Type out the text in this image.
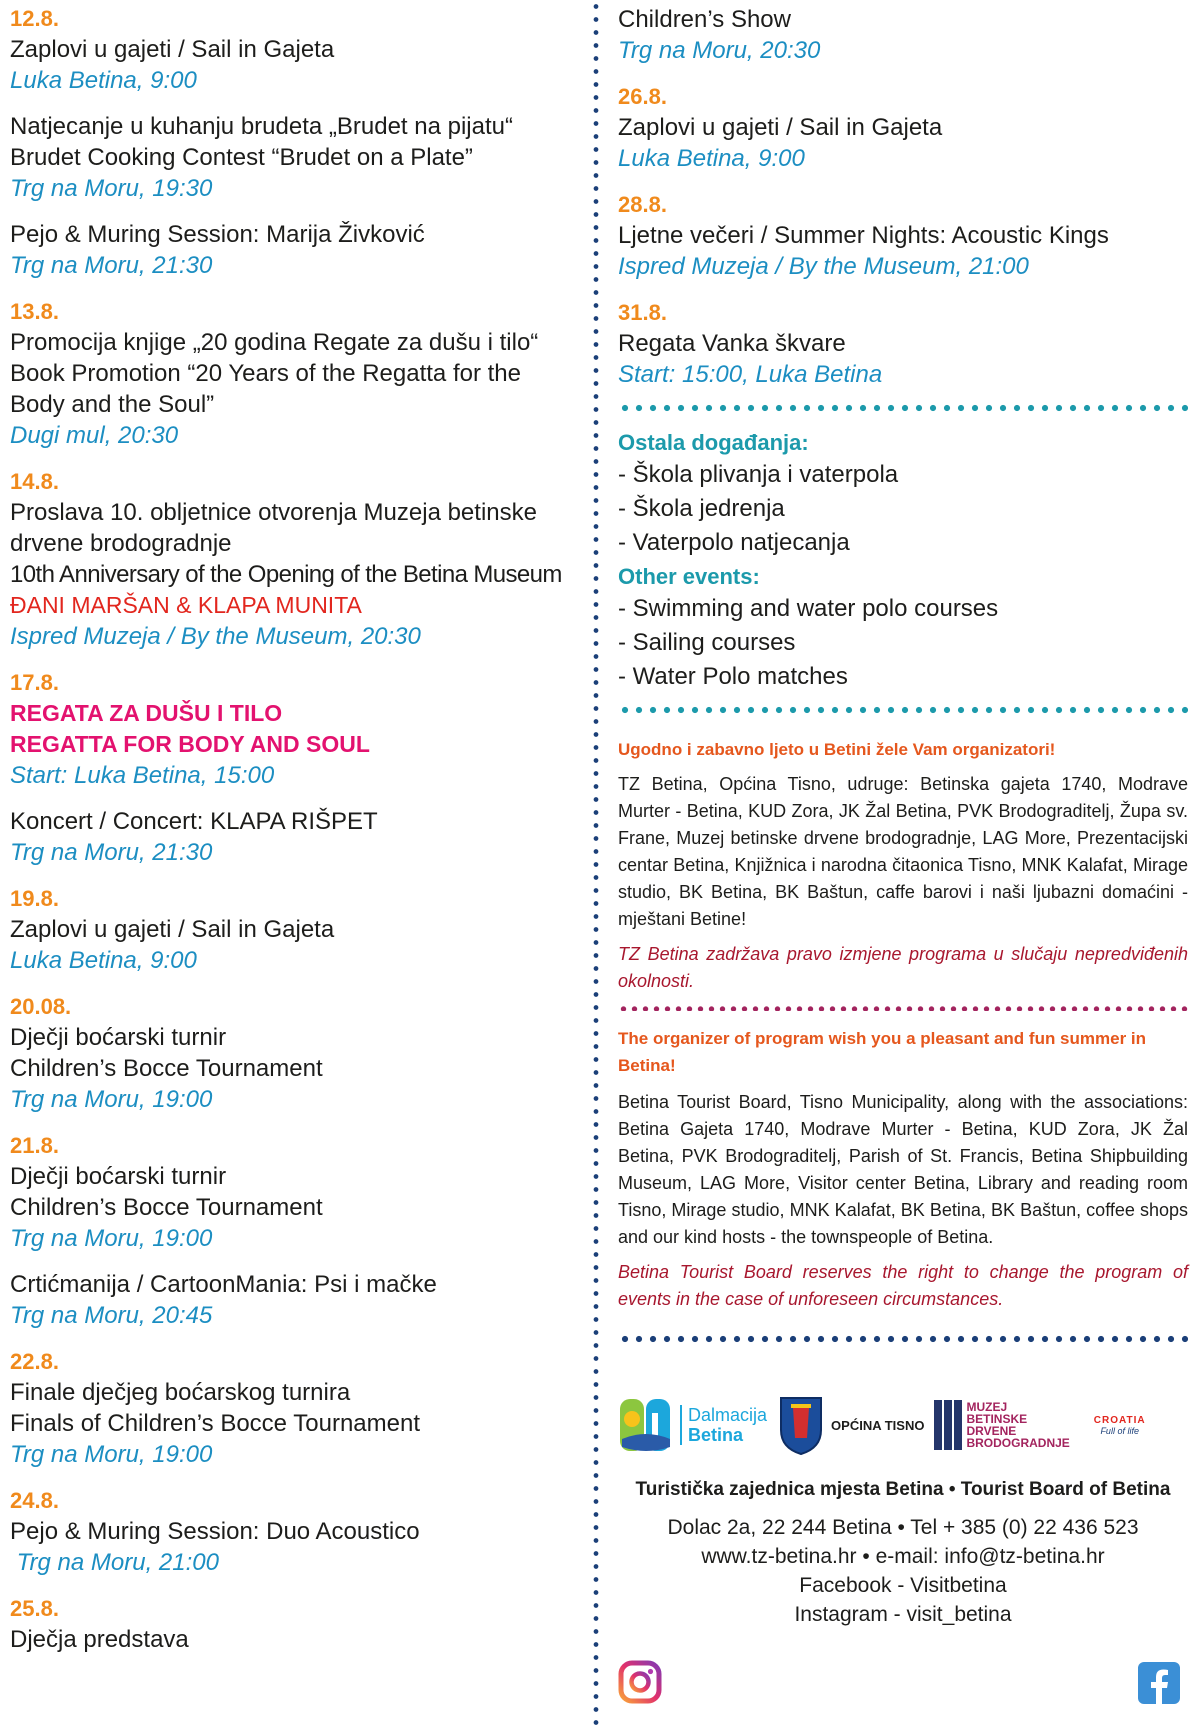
12.8.
Zaplovi u gajeti / Sail in Gajeta
Luka Betina, 9:00
Natjecanje u kuhanju brudeta „Brudet na pijatu“
Brudet Cooking Contest “Brudet on a Plate”
Trg na Moru, 19:30
Pejo & Muring Session: Marija Živković
Trg na Moru, 21:30
13.8.
Promocija knjige „20 godina Regate za dušu i tilo“
Book Promotion “20 Years of the Regatta for the
Body and the Soul”
Dugi mul, 20:30
14.8.
Proslava 10. obljetnice otvorenja Muzeja betinske
drvene brodogradnje
10th Anniversary of the Opening of the Betina Museum
ĐANI MARŠAN & KLAPA MUNITA
Ispred Muzeja / By the Museum, 20:30
17.8.
REGATA ZA DUŠU I TILO
REGATTA FOR BODY AND SOUL
Start: Luka Betina, 15:00
Koncert / Concert: KLAPA RIŠPET
Trg na Moru, 21:30
19.8.
Zaplovi u gajeti / Sail in Gajeta
Luka Betina, 9:00
20.08.
Dječji boćarski turnir
Children’s Bocce Tournament
Trg na Moru, 19:00
21.8.
Dječji boćarski turnir
Children’s Bocce Tournament
Trg na Moru, 19:00
Crtićmanija / CartoonMania: Psi i mačke
Trg na Moru, 20:45
22.8.
Finale dječjeg boćarskog turnira
Finals of Children’s Bocce Tournament
Trg na Moru, 19:00
24.8.
Pejo & Muring Session: Duo Acoustico
Trg na Moru, 21:00
25.8.
Dječja predstava
Children’s Show
Trg na Moru, 20:30
26.8.
Zaplovi u gajeti / Sail in Gajeta
Luka Betina, 9:00
28.8.
Ljetne večeri / Summer Nights: Acoustic Kings
Ispred Muzeja / By the Museum, 21:00
31.8.
Regata Vanka škvare
Start: 15:00, Luka Betina
Ostala događanja:
- Škola plivanja i vaterpola
- Škola jedrenja
- Vaterpolo natjecanja
Other events:
- Swimming and water polo courses
- Sailing courses
- Water Polo matches
Ugodno i zabavno ljeto u Betini žele Vam organizatori!
TZ Betina, Općina Tisno, udruge: Betinska gajeta 1740, Modrave Murter - Betina, KUD Zora, JK Žal Betina, PVK Brodograditelj, Župa sv. Frane, Muzej betinske drvene brodogradnje, LAG More, Prezentacijski centar Betina, Knjižnica i narodna čitaonica Tisno, MNK Kalafat, Mirage studio, BK Betina, BK Baštun, caffe barovi i naši ljubazni domaćini - mještani Betine!
TZ Betina zadržava pravo izmjene programa u slučaju nepredviđenih okolnosti.
The organizer of program wish you a pleasant and fun summer in Betina!
Betina Tourist Board, Tisno Municipality, along with the associations: Betina Gajeta 1740, Modrave Murter - Betina, KUD Zora, JK Žal Betina, PVK Brodograditelj, Parish of St. Francis, Betina Shipbuilding Museum, LAG More, Visitor center Betina, Library and reading room Tisno, Mirage studio, MNK Kalafat, BK Betina, BK Baštun, coffee shops and our kind hosts - the townspeople of Betina.
Betina Tourist Board reserves the right to change the program of events in the case of unforeseen circumstances.
Dalmacija
Betina	OPĆINA TISNO
MUZEJ
BETINSKE
DRVENE
BRODOGRADNJE
CROATIA
Full of life
Turistička zajednica mjesta Betina • Tourist Board of Betina
Dolac 2a, 22 244 Betina • Tel + 385 (0) 22 436 523
www.tz-betina.hr • e-mail: info@tz-betina.hr
Facebook - Visitbetina
Instagram - visit_betina
